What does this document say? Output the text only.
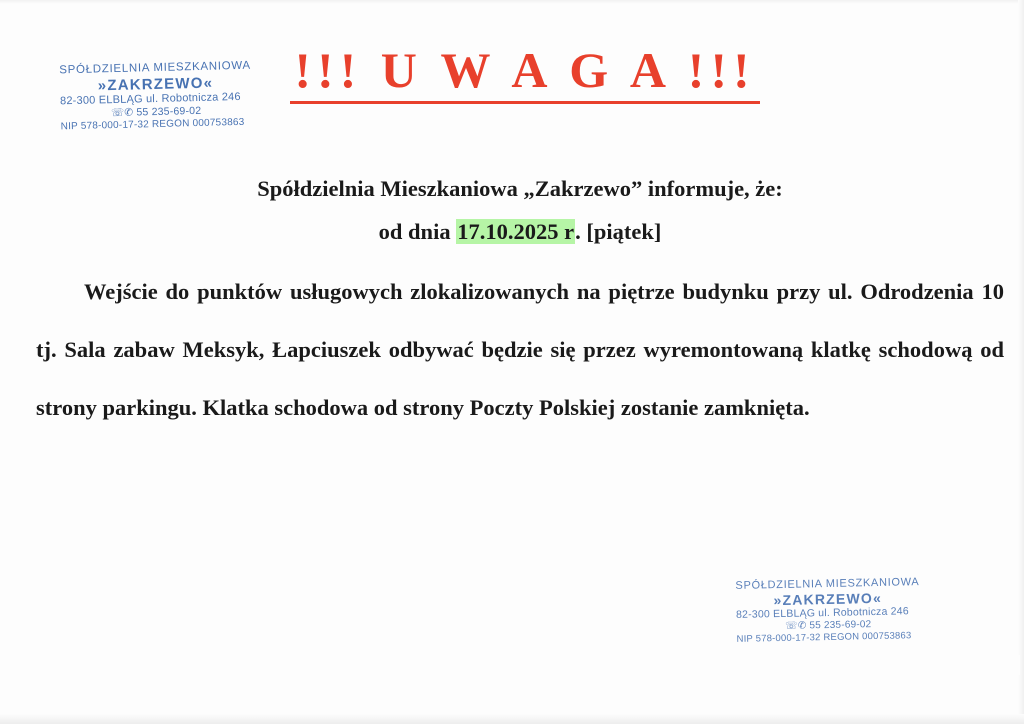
SPÓŁDZIELNIA MIESZKANIOWA
»ZAKRZEWO«
82-300 ELBLĄG ul. Robotnicza 246
☏✆ 55 235-69-02
NIP 578-000-17-32 REGON 000753863
!!! U W A G A !!!
Spółdzielnia Mieszkaniowa „Zakrzewo” informuje, że:
od dnia 17.10.2025 r. [piątek]
Wejście do punktów usługowych zlokalizowanych na piętrze budynku przy ul. Odrodzenia 10 tj. Sala zabaw Meksyk, Łapciuszek odbywać będzie się przez wyremontowaną klatkę schodową od strony parkingu. Klatka schodowa od strony Poczty Polskiej zostanie zamknięta.
SPÓŁDZIELNIA MIESZKANIOWA
»ZAKRZEWO«
82-300 ELBLĄG ul. Robotnicza 246
☏✆ 55 235-69-02
NIP 578-000-17-32 REGON 000753863
